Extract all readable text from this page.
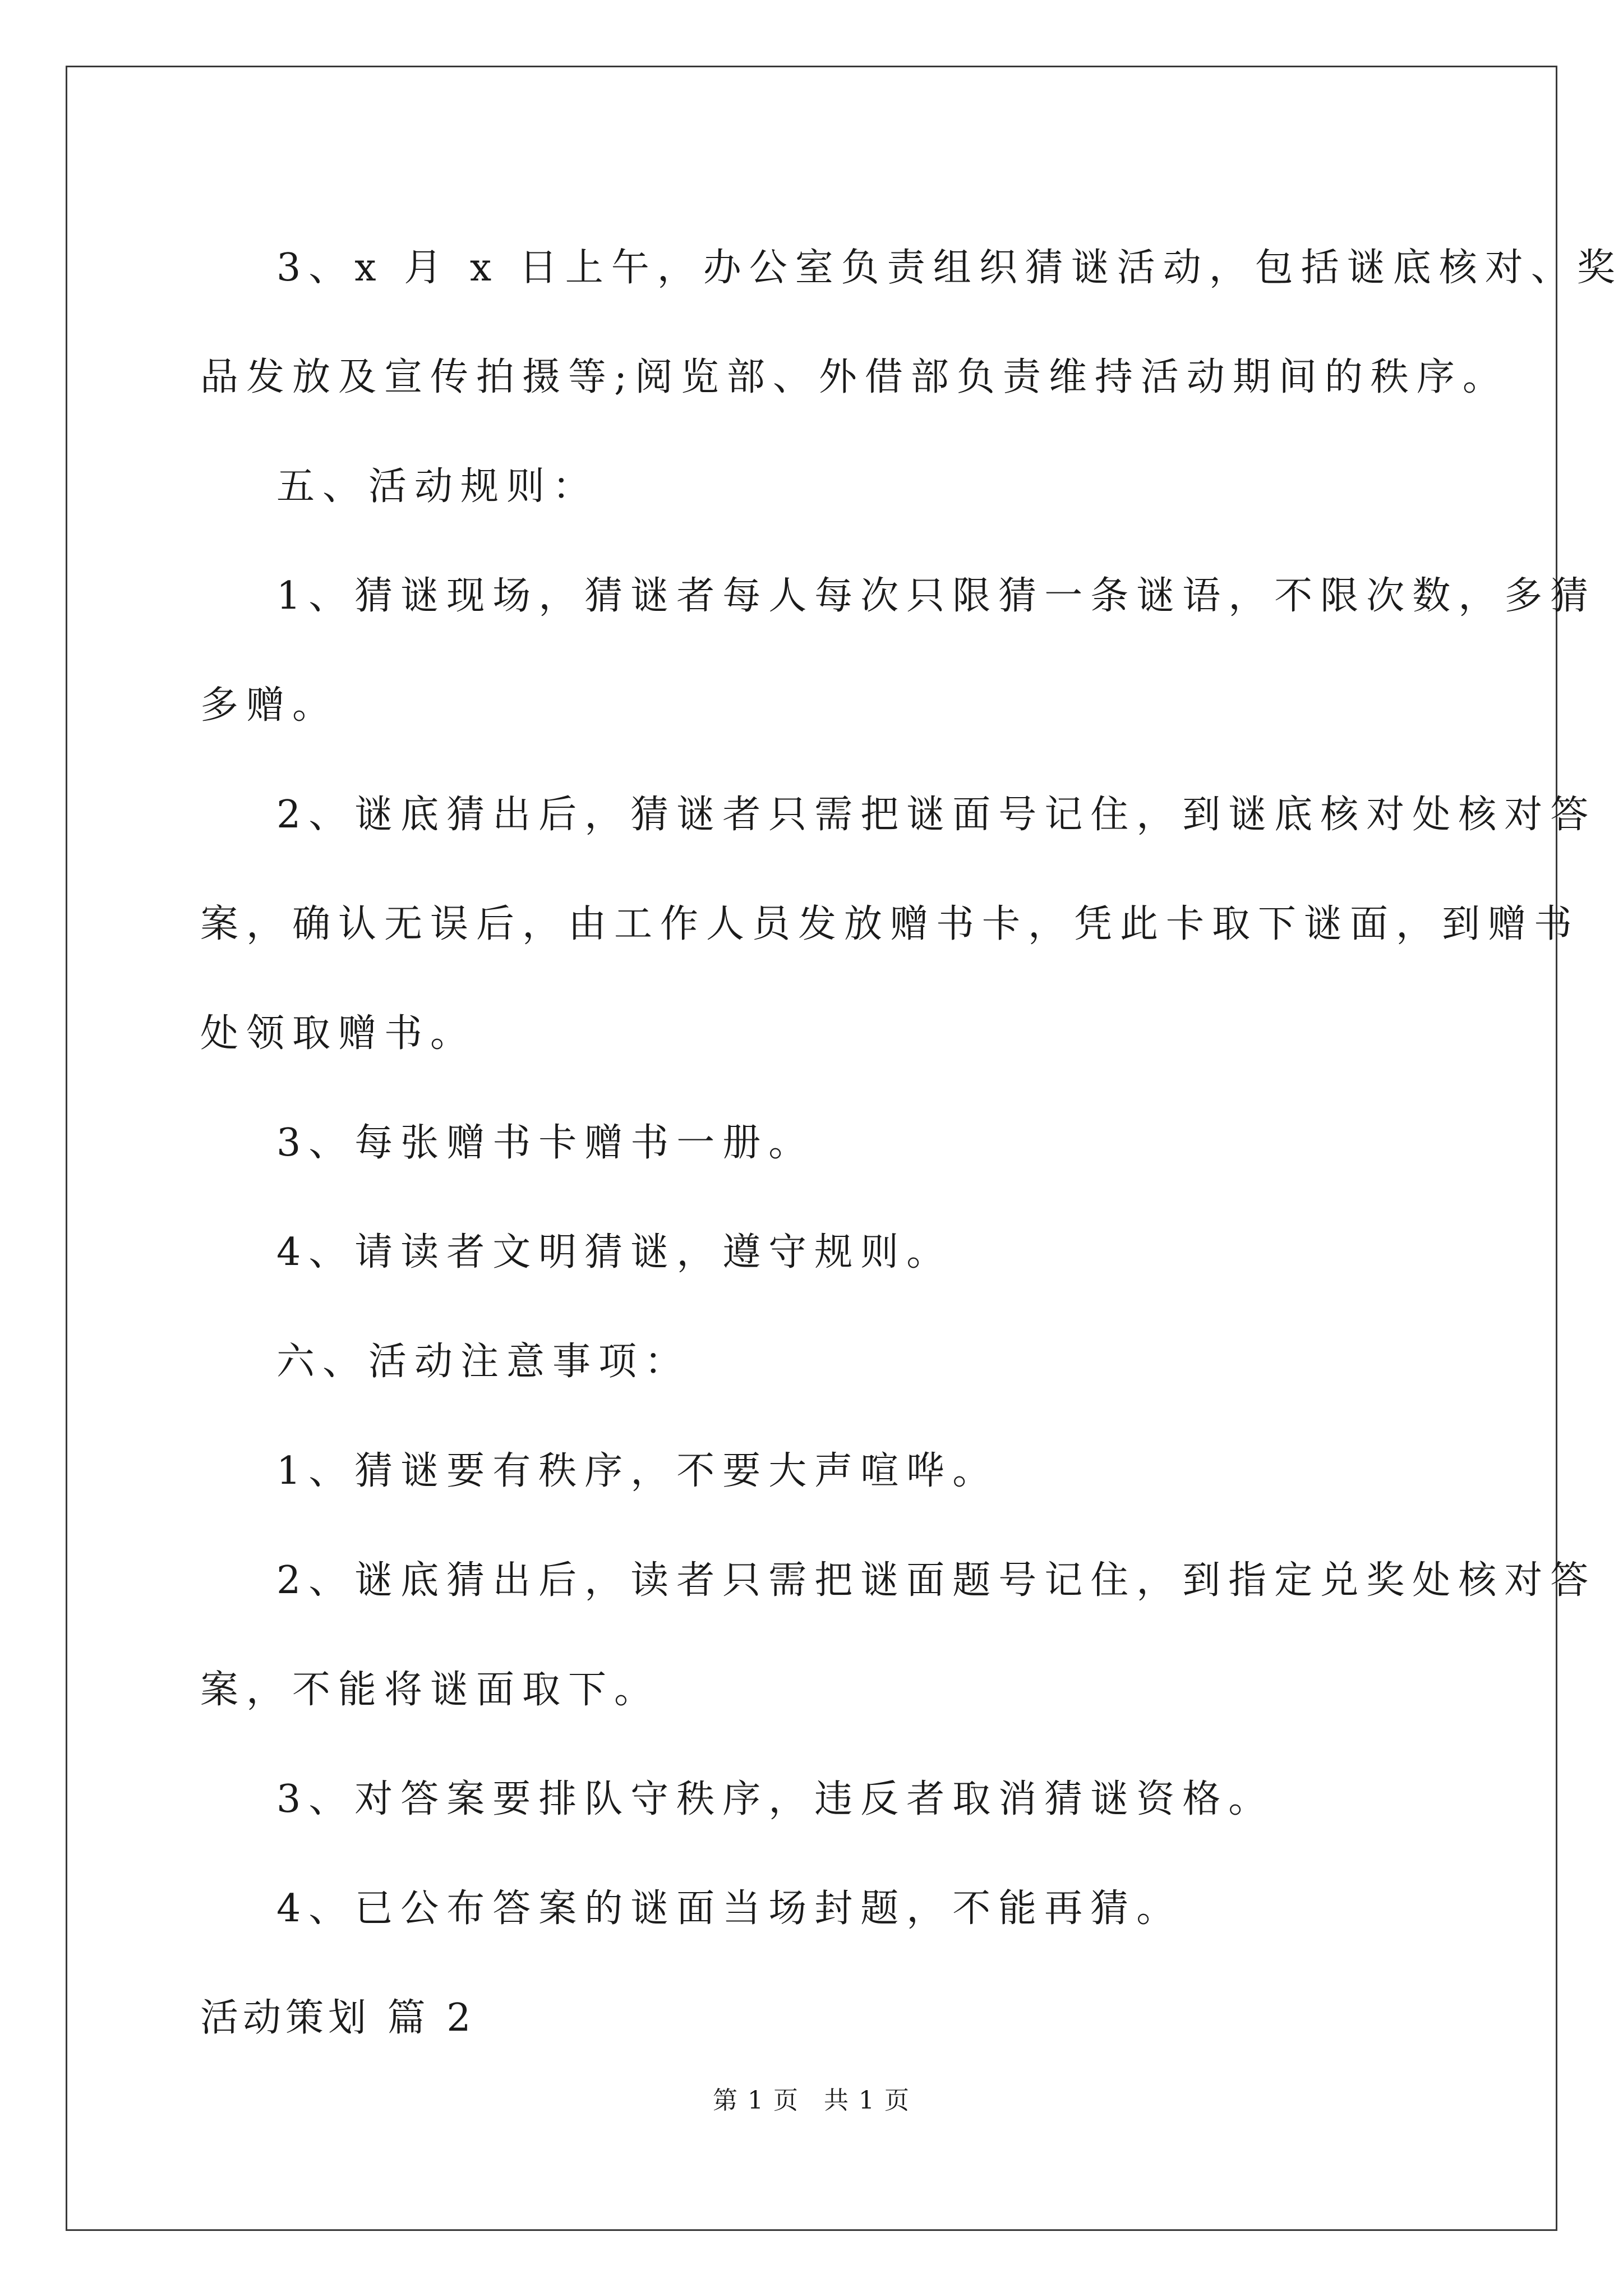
3、x 月 x 日上午，办公室负责组织猜谜活动，包括谜底核对、奖
品发放及宣传拍摄等;阅览部、外借部负责维持活动期间的秩序。

五、活动规则：

1、猜谜现场，猜谜者每人每次只限猜一条谜语，不限次数，多猜
多赠。

2、谜底猜出后，猜谜者只需把谜面号记住，到谜底核对处核对答
案，确认无误后，由工作人员发放赠书卡，凭此卡取下谜面，到赠书
处领取赠书。

3、每张赠书卡赠书一册。

4、请读者文明猜谜，遵守规则。

六、活动注意事项：

1、猜谜要有秩序，不要大声喧哗。

2、谜底猜出后，读者只需把谜面题号记住，到指定兑奖处核对答
案，不能将谜面取下。

3、对答案要排队守秩序，违反者取消猜谜资格。

4、已公布答案的谜面当场封题，不能再猜。

活动策划 篇 2

第 1 页 共 1 页
